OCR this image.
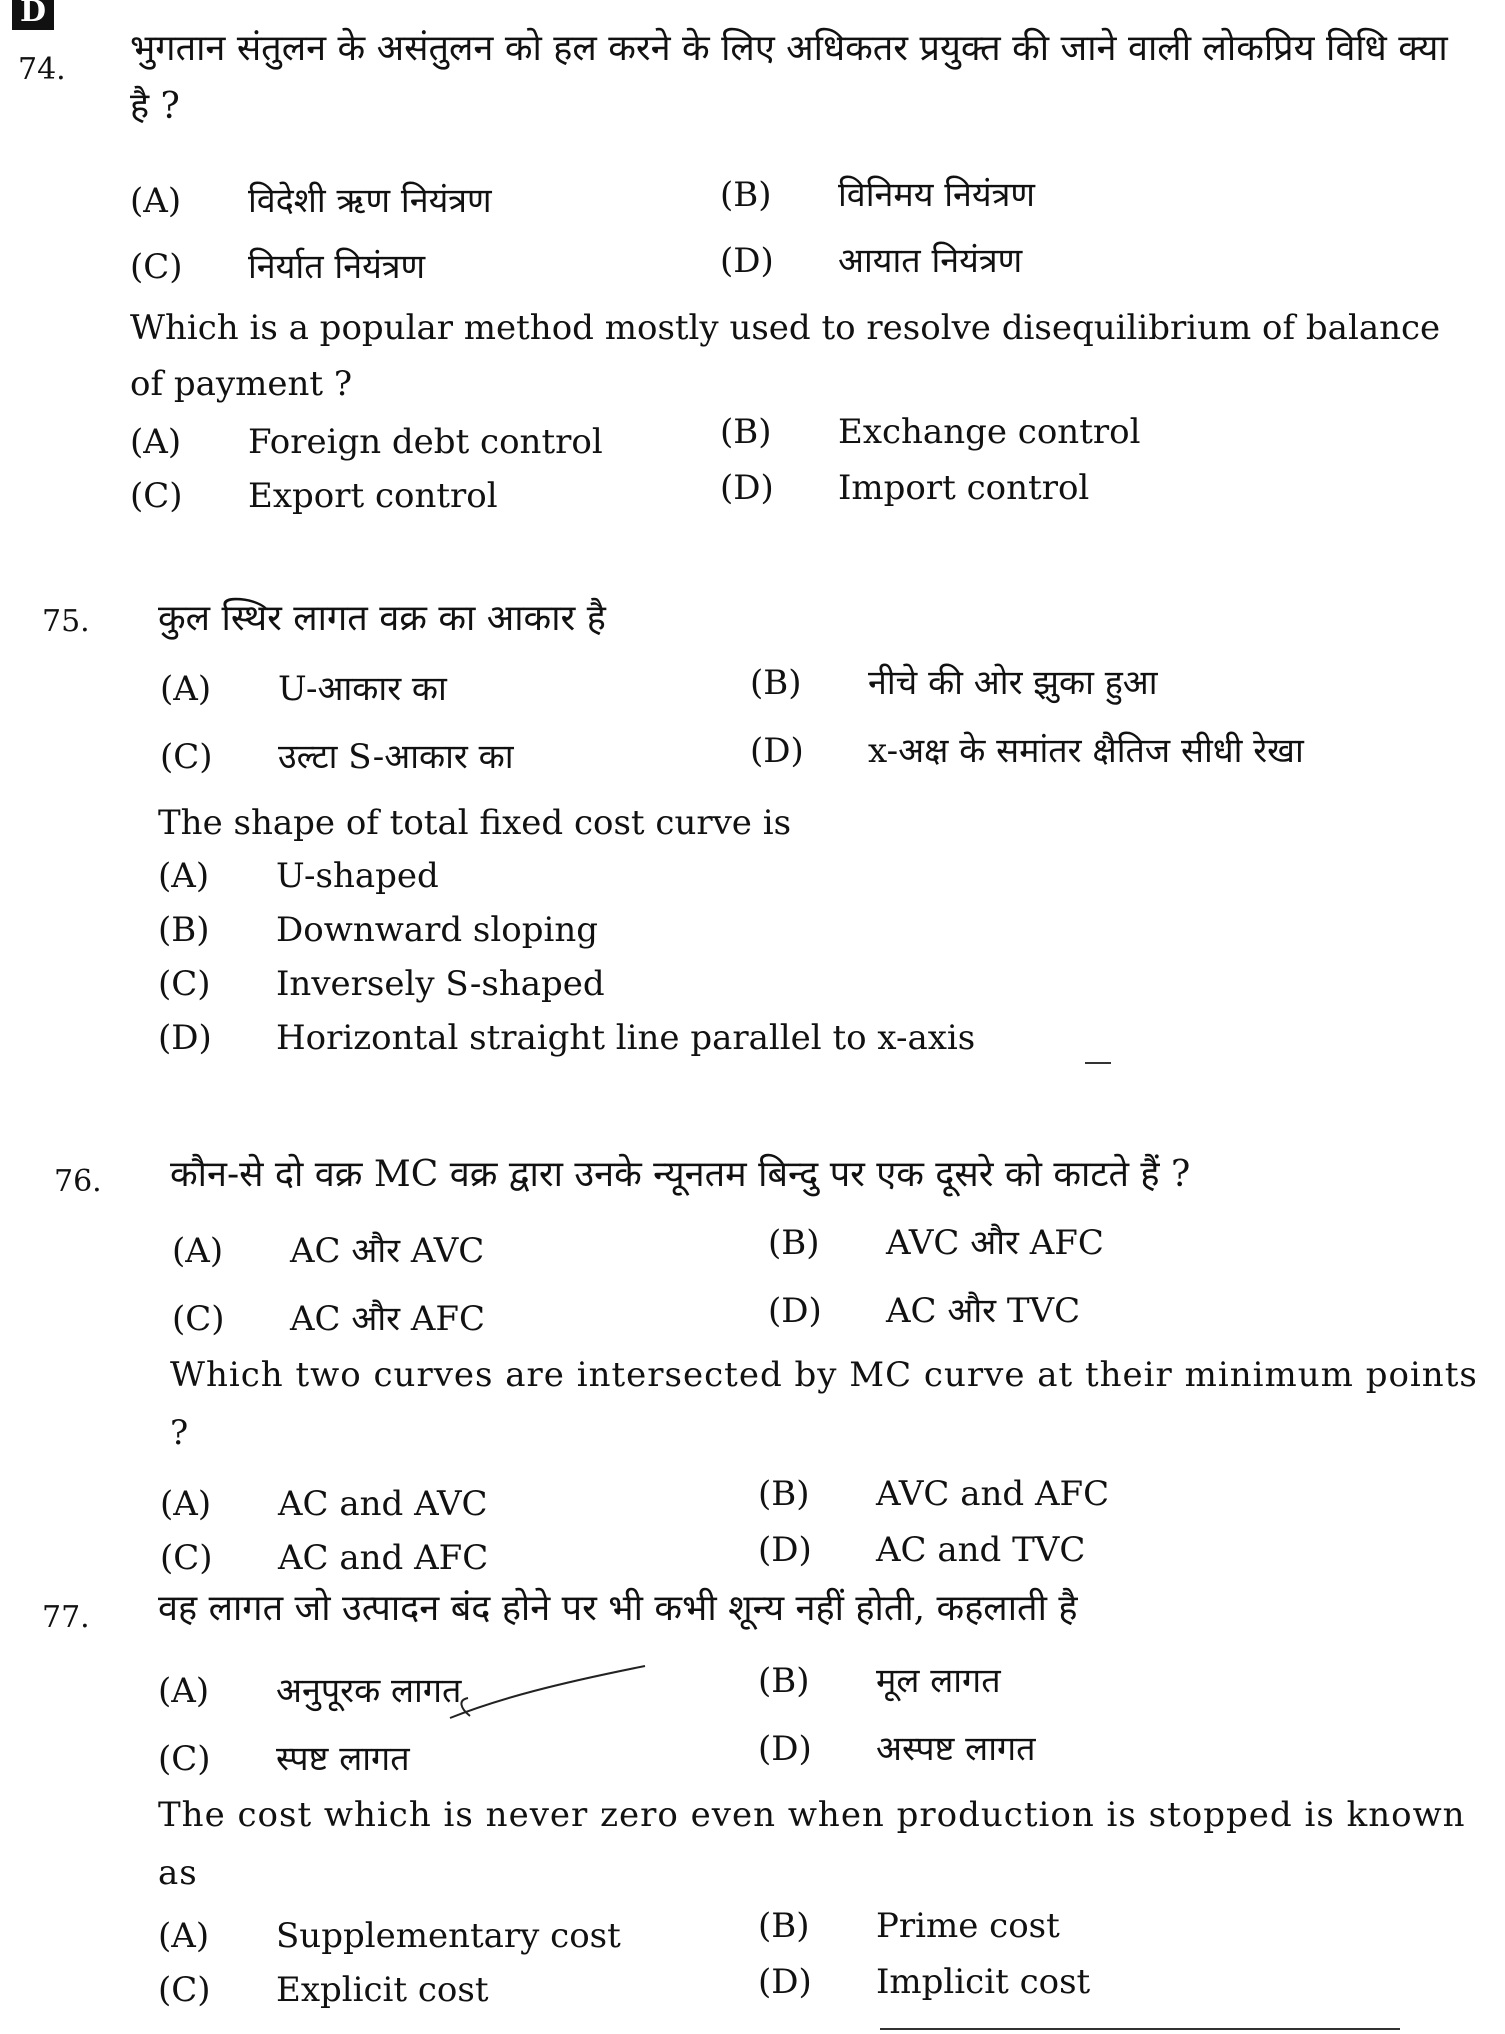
D
74.
भुगतान संतुलन के असंतुलन को हल करने के लिए अधिकतर प्रयुक्त की जाने वाली लोकप्रिय विधि क्या है ?
(A) विदेशी ऋण नियंत्रण	(B) विनिमय नियंत्रण
(C) निर्यात नियंत्रण	(D) आयात नियंत्रण
Which is a popular method mostly used to resolve disequilibrium of balance of payment ?
(A) Foreign debt control	(B) Exchange control
(C) Export control	(D) Import control
75. कुल स्थिर लागत वक्र का आकार है
(A) U-आकार का	(B) नीचे की ओर झुका हुआ
(C) उल्टा S-आकार का	(D) x-अक्ष के समांतर क्षैतिज सीधी रेखा
The shape of total fixed cost curve is
(A) U-shaped
(B) Downward sloping
(C) Inversely S-shaped
(D) Horizontal straight line parallel to x-axis
76. कौन-से दो वक्र MC वक्र द्वारा उनके न्यूनतम बिन्दु पर एक दूसरे को काटते हैं ?
(A) AC और AVC	(B) AVC और AFC
(C) AC और AFC	(D) AC और TVC
Which two curves are intersected by MC curve at their minimum points ?
(A) AC and AVC	(B) AVC and AFC
(C) AC and AFC	(D) AC and TVC
77. वह लागत जो उत्पादन बंद होने पर भी कभी शून्य नहीं होती, कहलाती है
(A) अनुपूरक लागत	(B) मूल लागत
(C) स्पष्ट लागत	(D) अस्पष्ट लागत
The cost which is never zero even when production is stopped is known as
(A) Supplementary cost	(B) Prime cost
(C) Explicit cost	(D) Implicit cost
